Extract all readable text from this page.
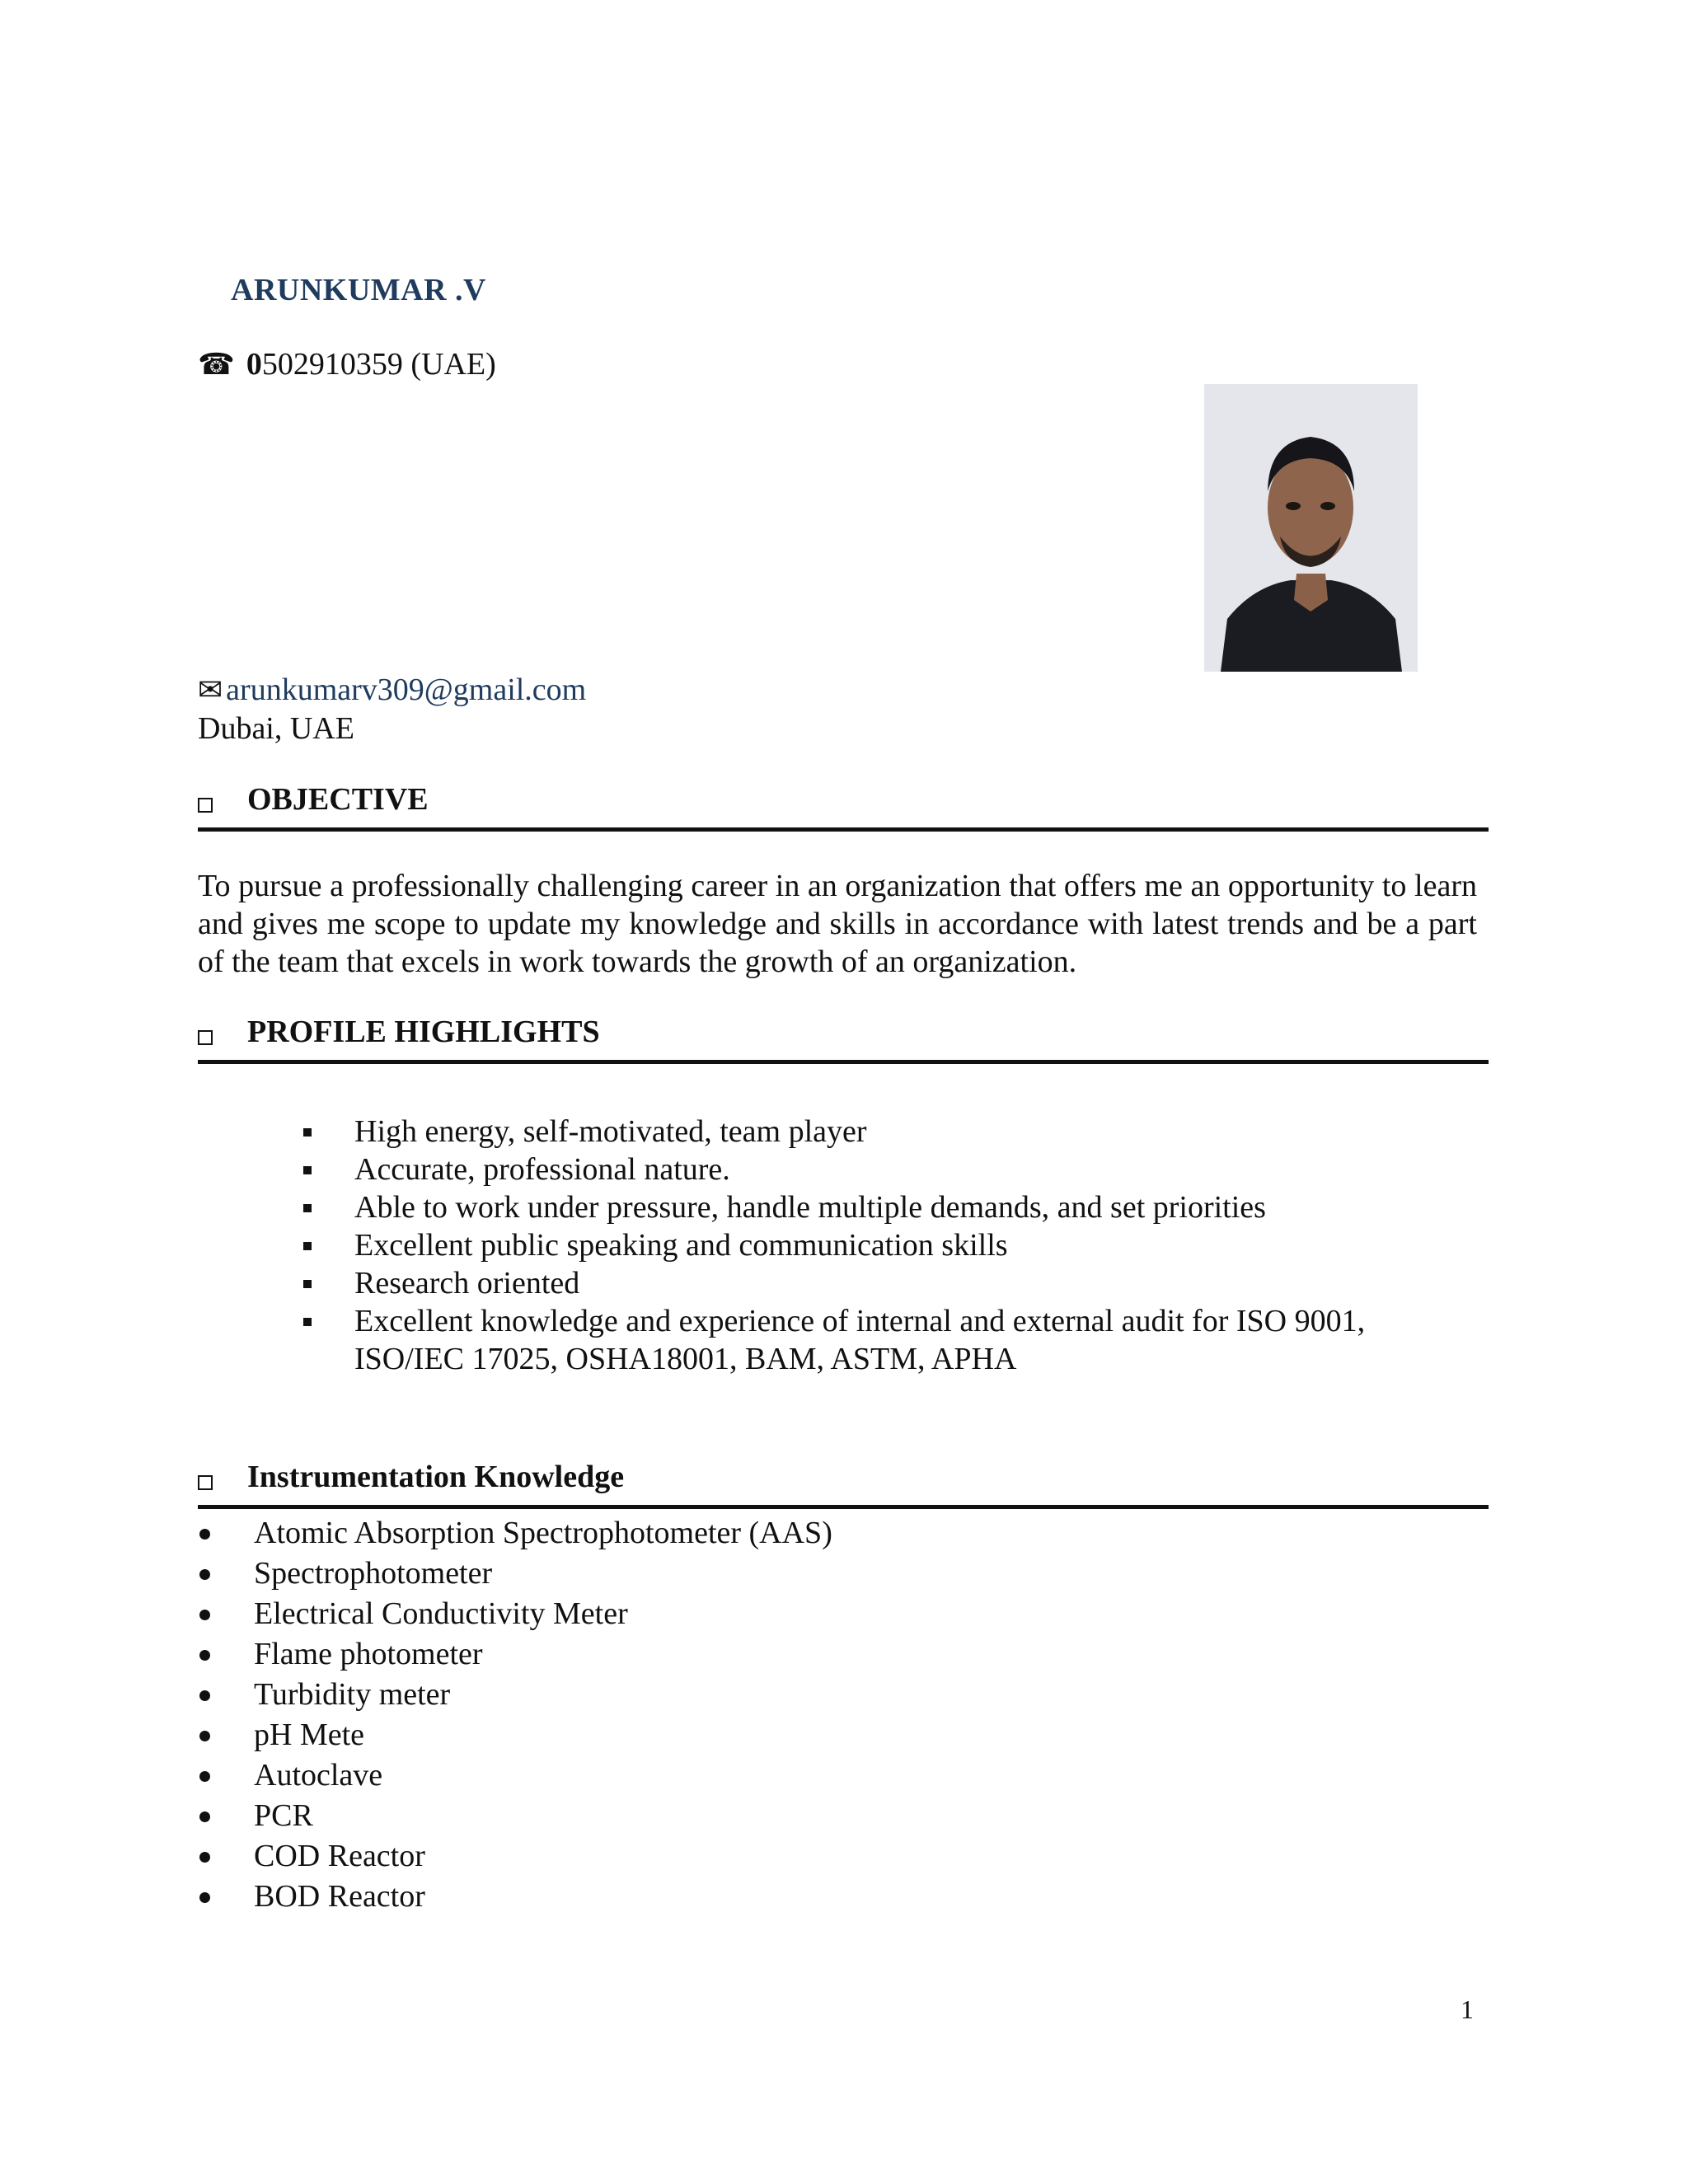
ARUNKUMAR .V
☎ 0502910359 (UAE)
✉ arunkumarv309@gmail.com
Dubai, UAE
OBJECTIVE
To pursue a professionally challenging career in an organization that offers me an opportunity to learn and gives me scope to update my knowledge and skills in accordance with latest trends and be a part of the team that excels in work towards the growth of an organization.
PROFILE HIGHLIGHTS
High energy, self-motivated, team player
Accurate, professional nature.
Able to work under pressure, handle multiple demands, and set priorities
Excellent public speaking and communication skills
Research oriented
Excellent knowledge and experience of internal and external audit for ISO 9001, ISO/IEC 17025, OSHA18001, BAM, ASTM, APHA
Instrumentation Knowledge
Atomic Absorption Spectrophotometer (AAS)
Spectrophotometer
Electrical Conductivity Meter
Flame photometer
Turbidity meter
pH Mete
Autoclave
PCR
COD Reactor
BOD Reactor
1
